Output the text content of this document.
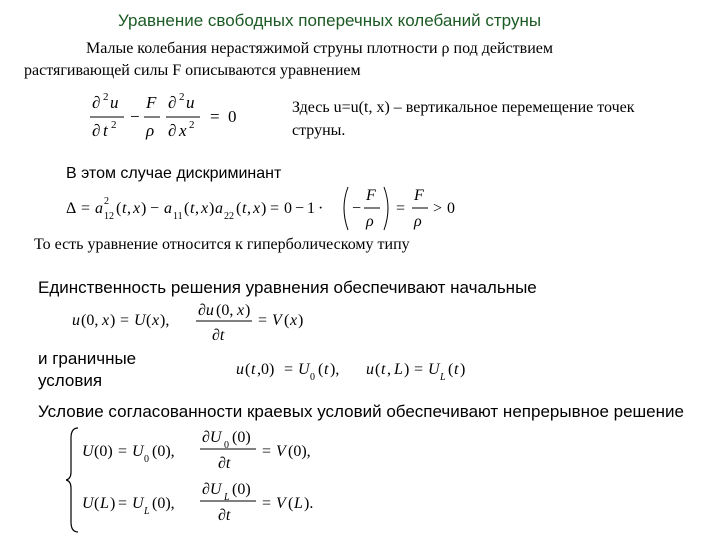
Уравнение свободных поперечных колебаний струны
Малые колебания нерастяжимой струны плотности ρ под действием
растягивающей силы F описываются уравнением
∂ 2 u
∂ t 2 −
F
ρ
∂ 2 u
∂ x 2 = 0	Здесь u=u(t, x) – вертикальное перемещение точек
струны.
В этом случае дискриминант
Δ = a 2
12 ( t , x ) − a 11 ( t , x ) a 22 ( t , x ) = 0 − 1 · −
F
ρ
=
F
ρ
> 0
То есть уравнение относится к гиперболическому типу
Единственность решения уравнения обеспечивают начальные
u (0, x ) = U ( x ),
∂u (0, x )
∂t
= V ( x )
и граничные
условия
u ( t ,0) = U 0 ( t ), u ( t , L ) = U L ( t )
Условие согласованности краевых условий обеспечивают непрерывное решение
U (0) = U 0 (0),
∂U 0 (0)
∂t
= V (0),
U ( L ) = U L (0),
∂U L (0)
∂t
= V ( L ).
